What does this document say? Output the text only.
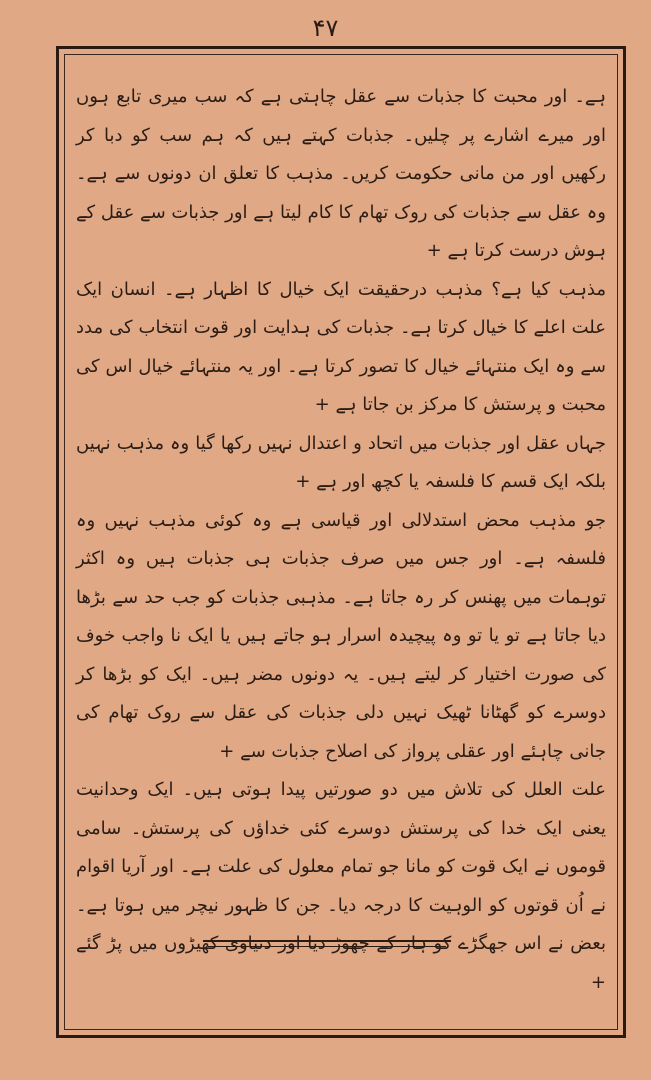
۴۷

ہے۔ اور محبت کا جذبات سے عقل چاہتی ہے کہ سب میری تابع ہوں اور میرے اشارے پر چلیں۔ جذبات کہتے ہیں کہ ہم سب کو دبا کر رکھیں اور من مانی حکومت کریں۔ مذہب کا تعلق ان دونوں سے ہے۔ وہ عقل سے جذبات کی روک تھام کا کام لیتا ہے اور جذبات سے عقل کے ہوش درست کرتا ہے +

مذہب کیا ہے؟ مذہب درحقیقت ایک خیال کا اظہار ہے۔ انسان ایک علت اعلے کا خیال کرتا ہے۔ جذبات کی ہدایت اور قوت انتخاب کی مدد سے وہ ایک منتہائے خیال کا تصور کرتا ہے۔ اور یہ منتہائے خیال اس کی محبت و پرستش کا مرکز بن جاتا ہے +

جہاں عقل اور جذبات میں اتحاد و اعتدال نہیں رکھا گیا وہ مذہب نہیں بلکہ ایک قسم کا فلسفہ یا کچھ اور ہے +

جو مذہب محض استدلالی اور قیاسی ہے وہ کوئی مذہب نہیں وہ فلسفہ ہے۔ اور جس میں صرف جذبات ہی جذبات ہیں وہ اکثر توہمات میں پھنس کر رہ جاتا ہے۔ مذہبی جذبات کو جب حد سے بڑھا دیا جاتا ہے تو یا تو وہ پیچیدہ اسرار ہو جاتے ہیں یا ایک نا واجب خوف کی صورت اختیار کر لیتے ہیں۔ یہ دونوں مضر ہیں۔ ایک کو بڑھا کر دوسرے کو گھٹانا ٹھیک نہیں دلی جذبات کی عقل سے روک تھام کی جانی چاہئے اور عقلی پرواز کی اصلاح جذبات سے +

علت العلل کی تلاش میں دو صورتیں پیدا ہوتی ہیں۔ ایک وحدانیت یعنی ایک خدا کی پرستش دوسرے کئی خداؤں کی پرستش۔ سامی قوموں نے ایک قوت کو مانا جو تمام معلول کی علت ہے۔ اور آریا اقوام نے اُن قوتوں کو الوہیت کا درجہ دیا۔ جن کا ظہور نیچر میں ہوتا ہے۔ بعض نے اس جھگڑے کو ہار کے چھوڑ دیا اور دنیاوی کھیڑوں میں پڑ گئے +
